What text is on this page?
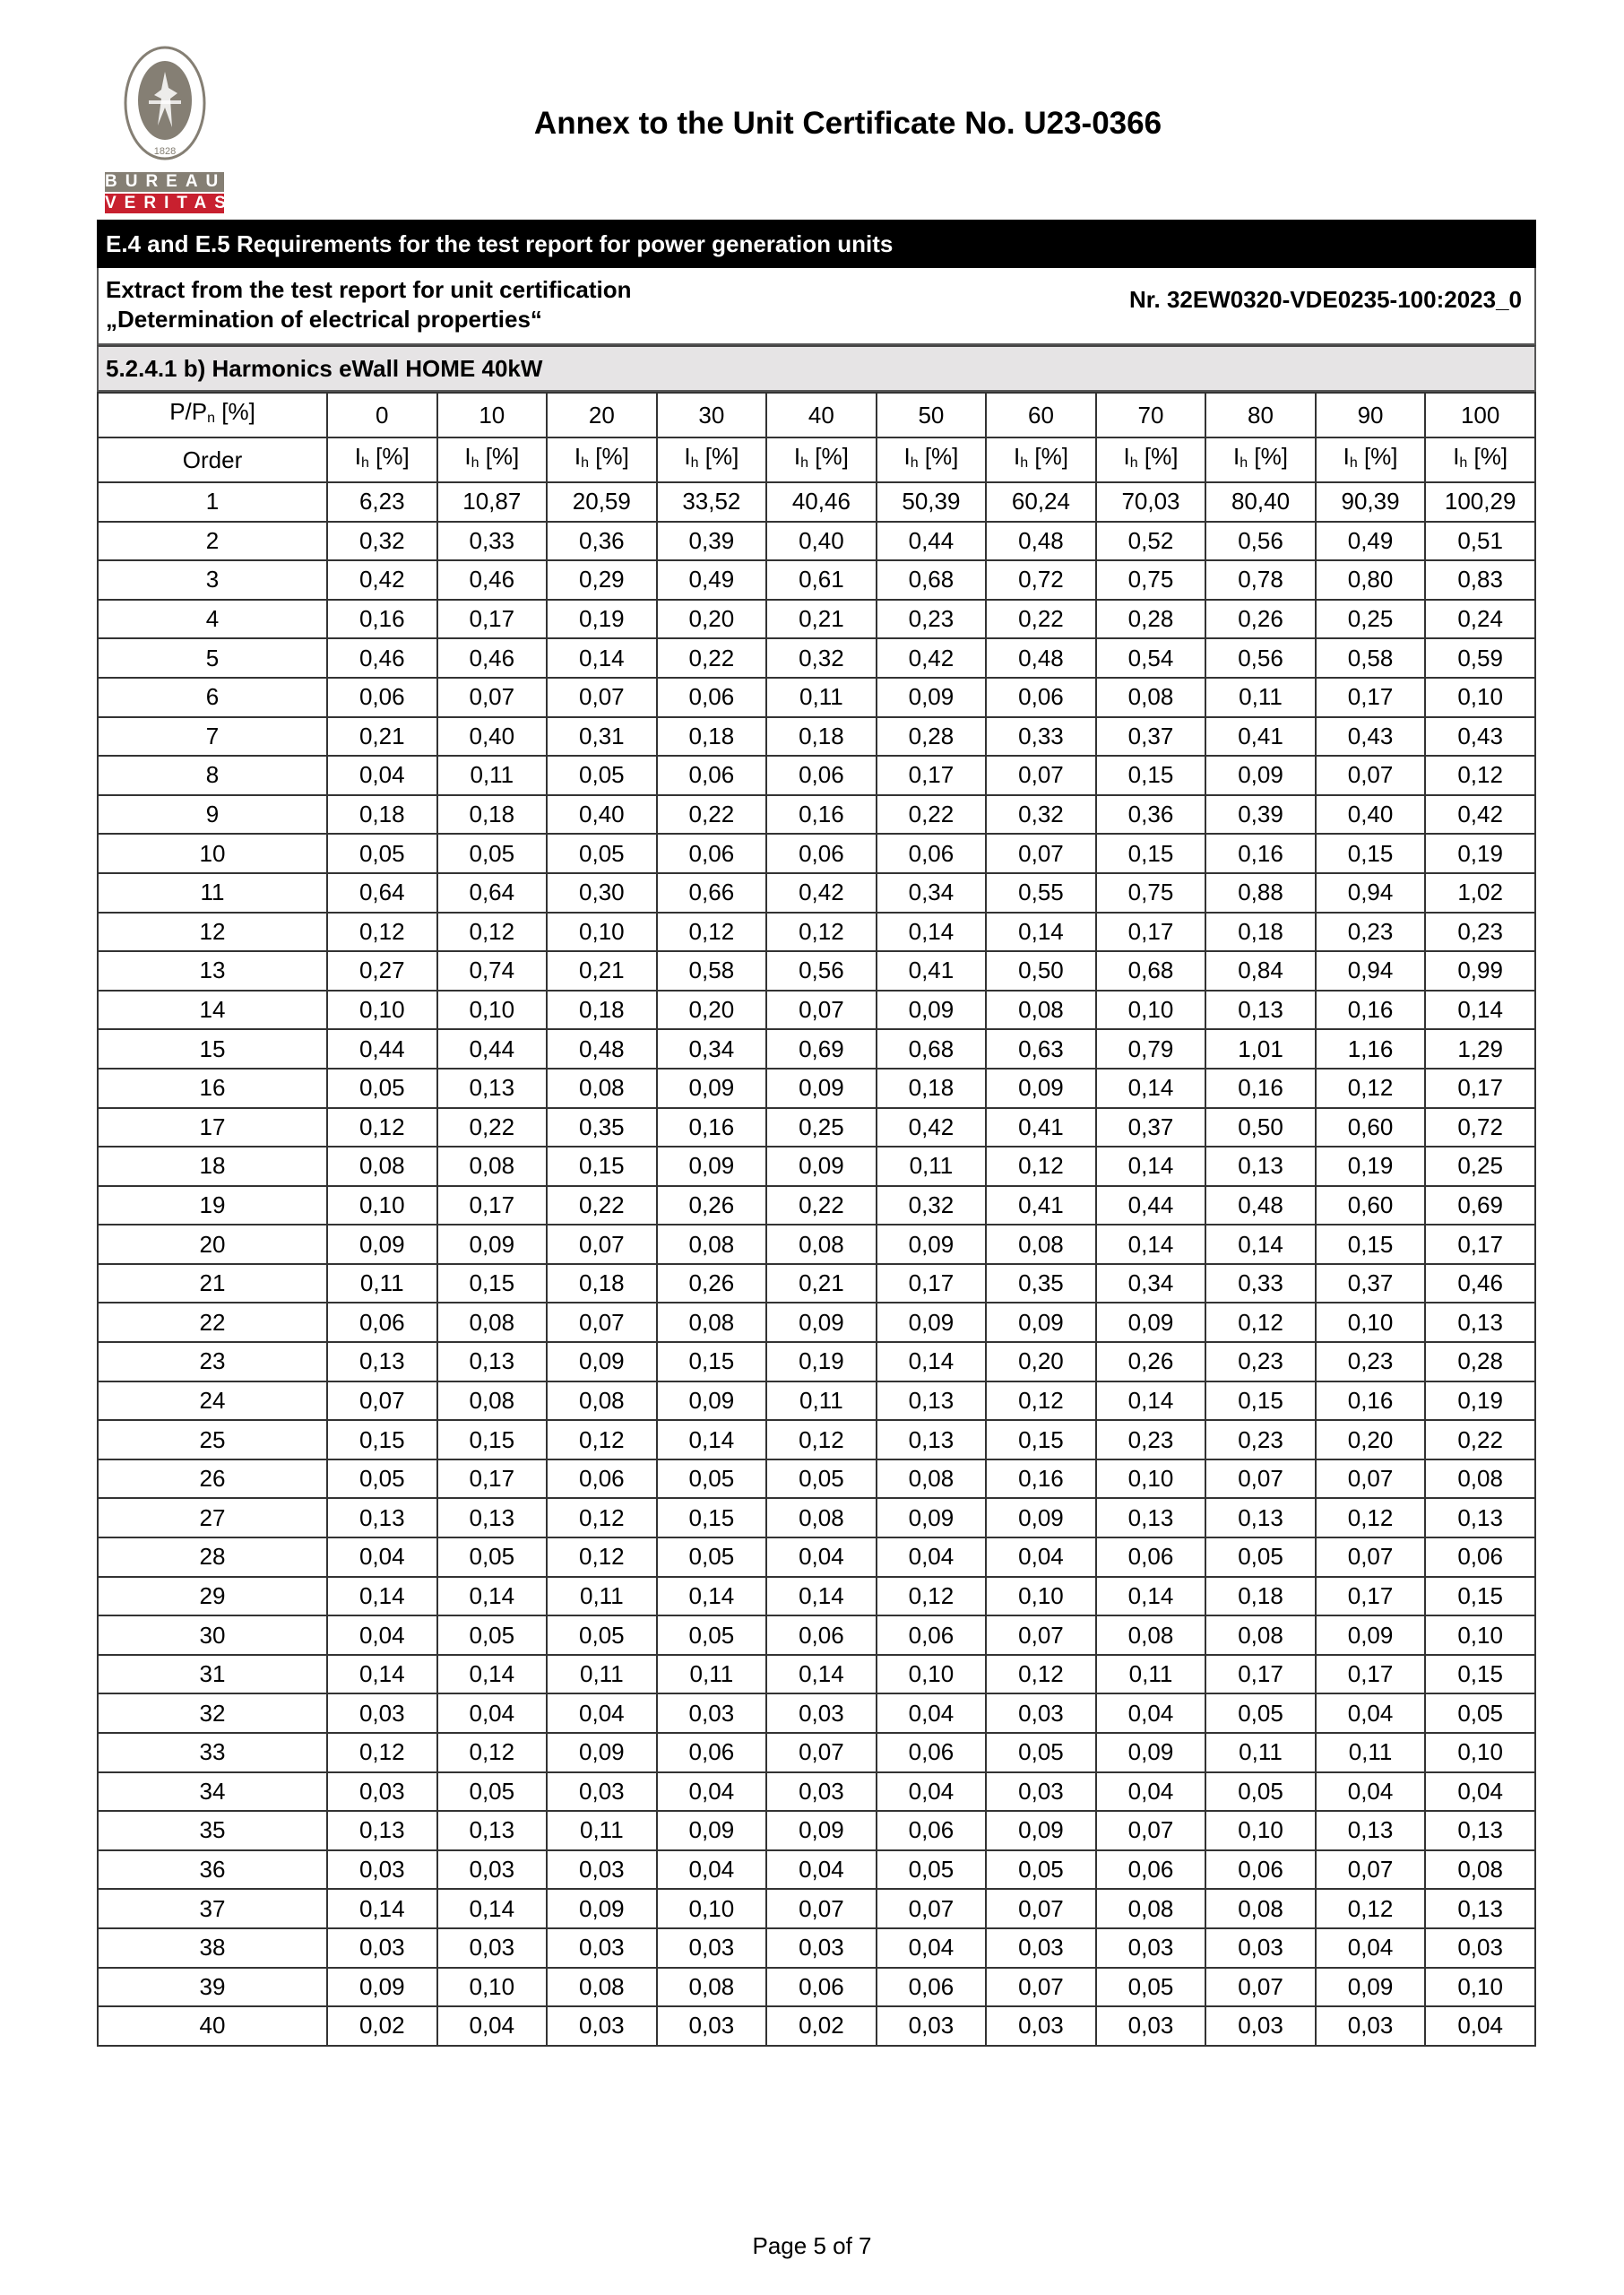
1828
BUREAU
VERITAS
Annex to the Unit Certificate No. U23-0366
E.4 and E.5 Requirements for the test report for power generation units
Extract from the test report for unit certification
„Determination of electrical properties“
Nr. 32EW0320-VDE0235-100:2023_0
5.2.4.1 b) Harmonics eWall HOME 40kW
$P/P_n$ [%]	0	10	20	30	40	50	60	70	80	90	100
Order	$I_h$ [%]	$I_h$ [%]	$I_h$ [%]	$I_h$ [%]	$I_h$ [%]	$I_h$ [%]	$I_h$ [%]	$I_h$ [%]	$I_h$ [%]	$I_h$ [%]	$I_h$ [%]
1	6,23	10,87	20,59	33,52	40,46	50,39	60,24	70,03	80,40	90,39	100,29
2	0,32	0,33	0,36	0,39	0,40	0,44	0,48	0,52	0,56	0,49	0,51
3	0,42	0,46	0,29	0,49	0,61	0,68	0,72	0,75	0,78	0,80	0,83
4	0,16	0,17	0,19	0,20	0,21	0,23	0,22	0,28	0,26	0,25	0,24
5	0,46	0,46	0,14	0,22	0,32	0,42	0,48	0,54	0,56	0,58	0,59
6	0,06	0,07	0,07	0,06	0,11	0,09	0,06	0,08	0,11	0,17	0,10
7	0,21	0,40	0,31	0,18	0,18	0,28	0,33	0,37	0,41	0,43	0,43
8	0,04	0,11	0,05	0,06	0,06	0,17	0,07	0,15	0,09	0,07	0,12
9	0,18	0,18	0,40	0,22	0,16	0,22	0,32	0,36	0,39	0,40	0,42
10	0,05	0,05	0,05	0,06	0,06	0,06	0,07	0,15	0,16	0,15	0,19
11	0,64	0,64	0,30	0,66	0,42	0,34	0,55	0,75	0,88	0,94	1,02
12	0,12	0,12	0,10	0,12	0,12	0,14	0,14	0,17	0,18	0,23	0,23
13	0,27	0,74	0,21	0,58	0,56	0,41	0,50	0,68	0,84	0,94	0,99
14	0,10	0,10	0,18	0,20	0,07	0,09	0,08	0,10	0,13	0,16	0,14
15	0,44	0,44	0,48	0,34	0,69	0,68	0,63	0,79	1,01	1,16	1,29
16	0,05	0,13	0,08	0,09	0,09	0,18	0,09	0,14	0,16	0,12	0,17
17	0,12	0,22	0,35	0,16	0,25	0,42	0,41	0,37	0,50	0,60	0,72
18	0,08	0,08	0,15	0,09	0,09	0,11	0,12	0,14	0,13	0,19	0,25
19	0,10	0,17	0,22	0,26	0,22	0,32	0,41	0,44	0,48	0,60	0,69
20	0,09	0,09	0,07	0,08	0,08	0,09	0,08	0,14	0,14	0,15	0,17
21	0,11	0,15	0,18	0,26	0,21	0,17	0,35	0,34	0,33	0,37	0,46
22	0,06	0,08	0,07	0,08	0,09	0,09	0,09	0,09	0,12	0,10	0,13
23	0,13	0,13	0,09	0,15	0,19	0,14	0,20	0,26	0,23	0,23	0,28
24	0,07	0,08	0,08	0,09	0,11	0,13	0,12	0,14	0,15	0,16	0,19
25	0,15	0,15	0,12	0,14	0,12	0,13	0,15	0,23	0,23	0,20	0,22
26	0,05	0,17	0,06	0,05	0,05	0,08	0,16	0,10	0,07	0,07	0,08
27	0,13	0,13	0,12	0,15	0,08	0,09	0,09	0,13	0,13	0,12	0,13
28	0,04	0,05	0,12	0,05	0,04	0,04	0,04	0,06	0,05	0,07	0,06
29	0,14	0,14	0,11	0,14	0,14	0,12	0,10	0,14	0,18	0,17	0,15
30	0,04	0,05	0,05	0,05	0,06	0,06	0,07	0,08	0,08	0,09	0,10
31	0,14	0,14	0,11	0,11	0,14	0,10	0,12	0,11	0,17	0,17	0,15
32	0,03	0,04	0,04	0,03	0,03	0,04	0,03	0,04	0,05	0,04	0,05
33	0,12	0,12	0,09	0,06	0,07	0,06	0,05	0,09	0,11	0,11	0,10
34	0,03	0,05	0,03	0,04	0,03	0,04	0,03	0,04	0,05	0,04	0,04
35	0,13	0,13	0,11	0,09	0,09	0,06	0,09	0,07	0,10	0,13	0,13
36	0,03	0,03	0,03	0,04	0,04	0,05	0,05	0,06	0,06	0,07	0,08
37	0,14	0,14	0,09	0,10	0,07	0,07	0,07	0,08	0,08	0,12	0,13
38	0,03	0,03	0,03	0,03	0,03	0,04	0,03	0,03	0,03	0,04	0,03
39	0,09	0,10	0,08	0,08	0,06	0,06	0,07	0,05	0,07	0,09	0,10
40	0,02	0,04	0,03	0,03	0,02	0,03	0,03	0,03	0,03	0,03	0,04
Page 5 of 7
